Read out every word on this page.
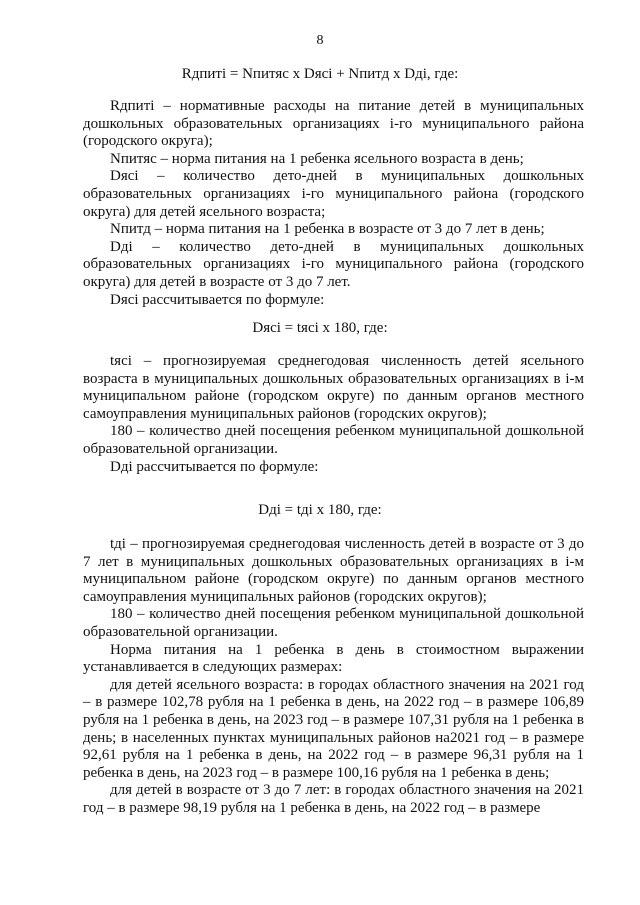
8
Rдпиті = Nпитяс x Dясі + Nпитд x Dді, где:

Rдпиті – нормативные расходы на питание детей в муниципальных дошкольных образовательных организациях і-го муниципального района (городского округа);

Nпитяс – норма питания на 1 ребенка ясельного возраста в день;

Dясі – количество дето-дней в муниципальных дошкольных образовательных организациях і-го муниципального района (городского округа) для детей ясельного возраста;

Nпитд – норма питания на 1 ребенка в возрасте от 3 до 7 лет в день;

Dді – количество дето-дней в муниципальных дошкольных образовательных организациях і-го муниципального района (городского округа) для детей в возрасте от 3 до 7 лет.

Dясі рассчитывается по формуле:

Dясі = tясі x 180, где:

tясі – прогнозируемая среднегодовая численность детей ясельного возраста в муниципальных дошкольных образовательных организациях в і-м муниципальном районе (городском округе) по данным органов местного самоуправления муниципальных районов (городских округов);

180 – количество дней посещения ребенком муниципальной дошкольной образовательной организации.

Dді рассчитывается по формуле:

Dді = tді x 180, где:

tді – прогнозируемая среднегодовая численность детей в возрасте от 3 до 7 лет в муниципальных дошкольных образовательных организациях в і-м муниципальном районе (городском округе) по данным органов местного самоуправления муниципальных районов (городских округов);

180 – количество дней посещения ребенком муниципальной дошкольной образовательной организации.

Норма питания на 1 ребенка в день в стоимостном выражении устанавливается в следующих размерах:

для детей ясельного возраста: в городах областного значения на 2021 год – в размере 102,78 рубля на 1 ребенка в день, на 2022 год – в размере 106,89 рубля на 1 ребенка в день, на 2023 год – в размере 107,31 рубля на 1 ребенка в день; в населенных пунктах муниципальных районов на2021 год – в размере 92,61 рубля на 1 ребенка в день, на 2022 год – в размере 96,31 рубля на 1 ребенка в день, на 2023 год – в размере 100,16 рубля на 1 ребенка в день;

для детей в возрасте от 3 до 7 лет: в городах областного значения на 2021 год – в размере 98,19 рубля на 1 ребенка в день, на 2022 год – в размере
